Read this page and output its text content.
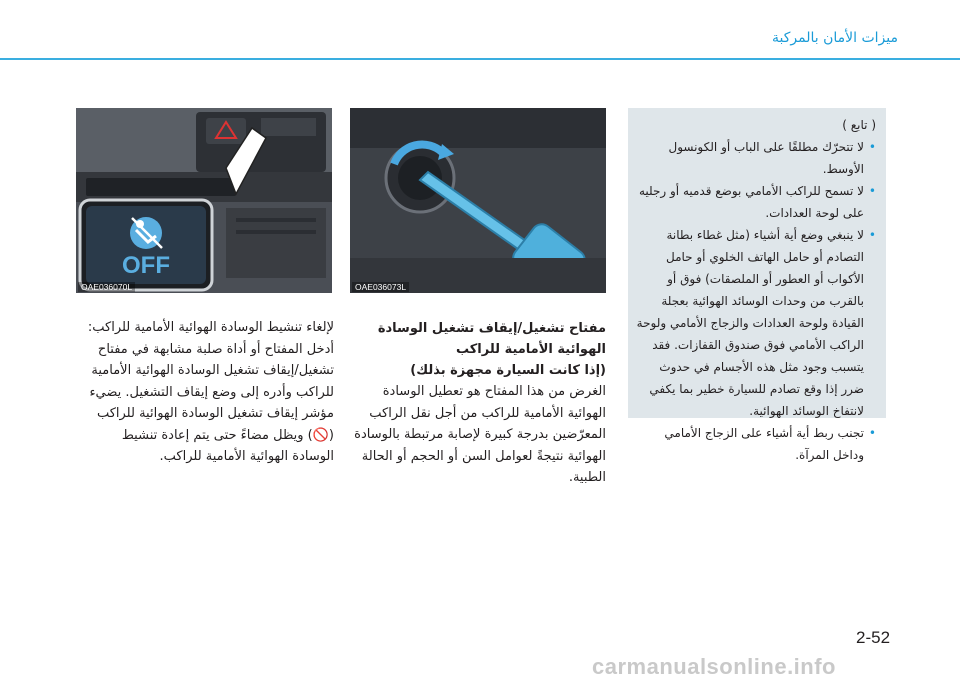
ميزات الأمان بالمركبة
OFF
OAE036070L	OAE036073L
لإلغاء تنشيط الوسادة الهوائية الأمامية للراكب: أدخل المفتاح أو أداة صلبة مشابهة في مفتاح تشغيل/إيقاف تشغيل الوسادة الهوائية الأمامية للراكب وأدره إلى وضع إيقاف التشغيل. يضيء مؤشر إيقاف تشغيل الوسادة الهوائية للراكب (🚫) ويظل مضاءً حتى يتم إعادة تنشيط الوسادة الهوائية الأمامية للراكب.
مفتاح تشغيل/إيقاف تشغيل الوسادة الهوائية الأمامية للراكب
(إذا كانت السيارة مجهزة بذلك)
الغرض من هذا المفتاح هو تعطيل الوسادة الهوائية الأمامية للراكب من أجل نقل الراكب المعرّضين بدرجة كبيرة لإصابة مرتبطة بالوسادة الهوائية نتيجةً لعوامل السن أو الحجم أو الحالة الطبية.
( تابع )
•
لا تتحرّك مطلقًا على الباب أو الكونسول الأوسط.
•
لا تسمح للراكب الأمامي بوضع قدميه أو رجليه على لوحة العدادات.
•
لا ينبغي وضع أية أشياء (مثل غطاء بطانة التصادم أو حامل الهاتف الخلوي أو حامل الأكواب أو العطور أو الملصقات) فوق أو بالقرب من وحدات الوسائد الهوائية بعجلة القيادة ولوحة العدادات والزجاج الأمامي ولوحة الراكب الأمامي فوق صندوق القفازات. فقد يتسبب وجود مثل هذه الأجسام في حدوث ضرر إذا وقع تصادم للسيارة خطير بما يكفي لانتفاخ الوسائد الهوائية.
•
تجنب ربط أية أشياء على الزجاج الأمامي وداخل المرآة.
2-52
carmanualsonline.info
